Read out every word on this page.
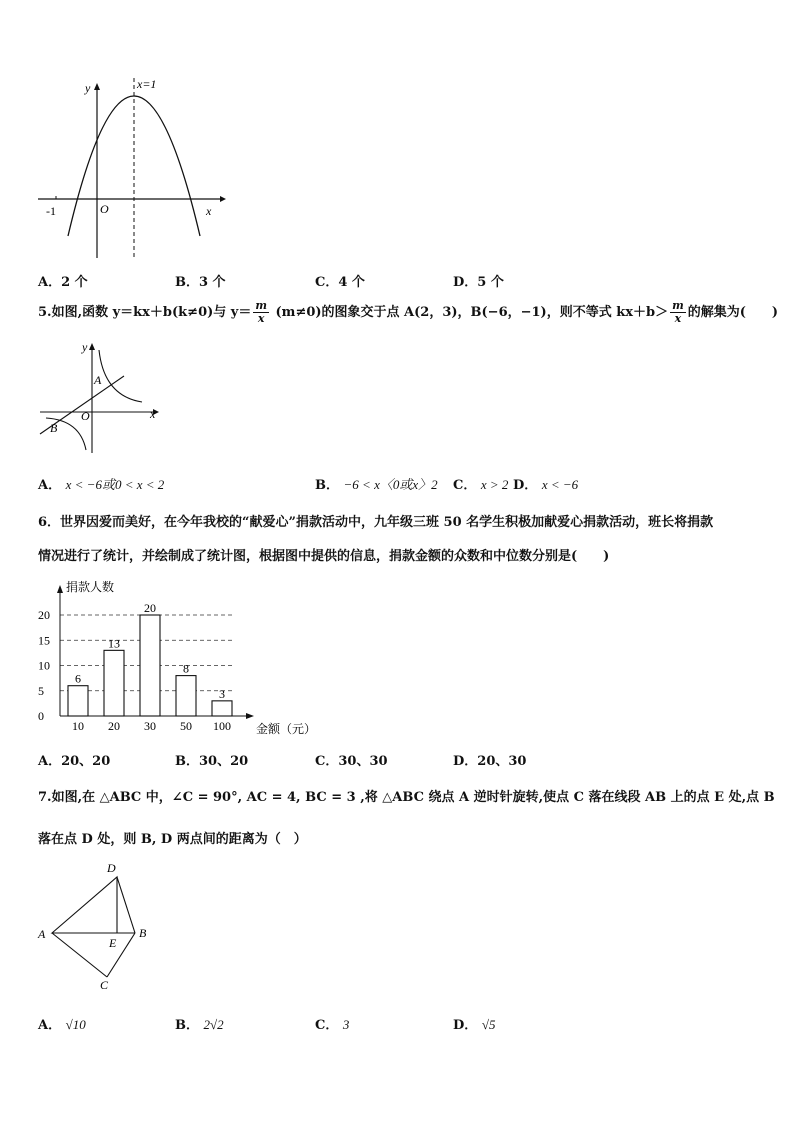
x=1
y
x
O
-1
A．2 个	B．3 个	C．4 个	D．5 个
5.如图,函数 y＝kx＋b(k≠0)与 $y= \frac{m}{x} (m\ne 0)$的图象交于点 A(2，3)，B(−6，−1)，则不等式 $kx+b> \frac{m}{x}$ 的解集为(　　)
y
x
O
A
B
A． x < −6或0 < x < 2	B． −6 < x〈0或x〉2 C． x > 2 D． x < −6
6．世界因爱而美好，在今年我校的“献爱心”捐款活动中，九年级三班 50 名学生积极加献爱心捐款活动，班长将捐款
情况进行了统计，并绘制成了统计图，根据图中提供的信息，捐款金额的众数和中位数分别是(　　)
0
5
10
15
20
6
10
13
20
20
30
8
50
3
100
捐款人数
金额（元）
A．20、20	B．30、20	C．30、30	D．20、30
7.如图,在 △ABC 中，∠C = 90°, AC = 4, BC = 3 ,将 △ABC 绕点 A 逆时针旋转,使点 C 落在线段 AB 上的点 E 处,点 B
落在点 D 处，则 B, D 两点间的距离为（　）
D
A
E
B
C
A． √10	B． 2√2	C． 3	D． √5
